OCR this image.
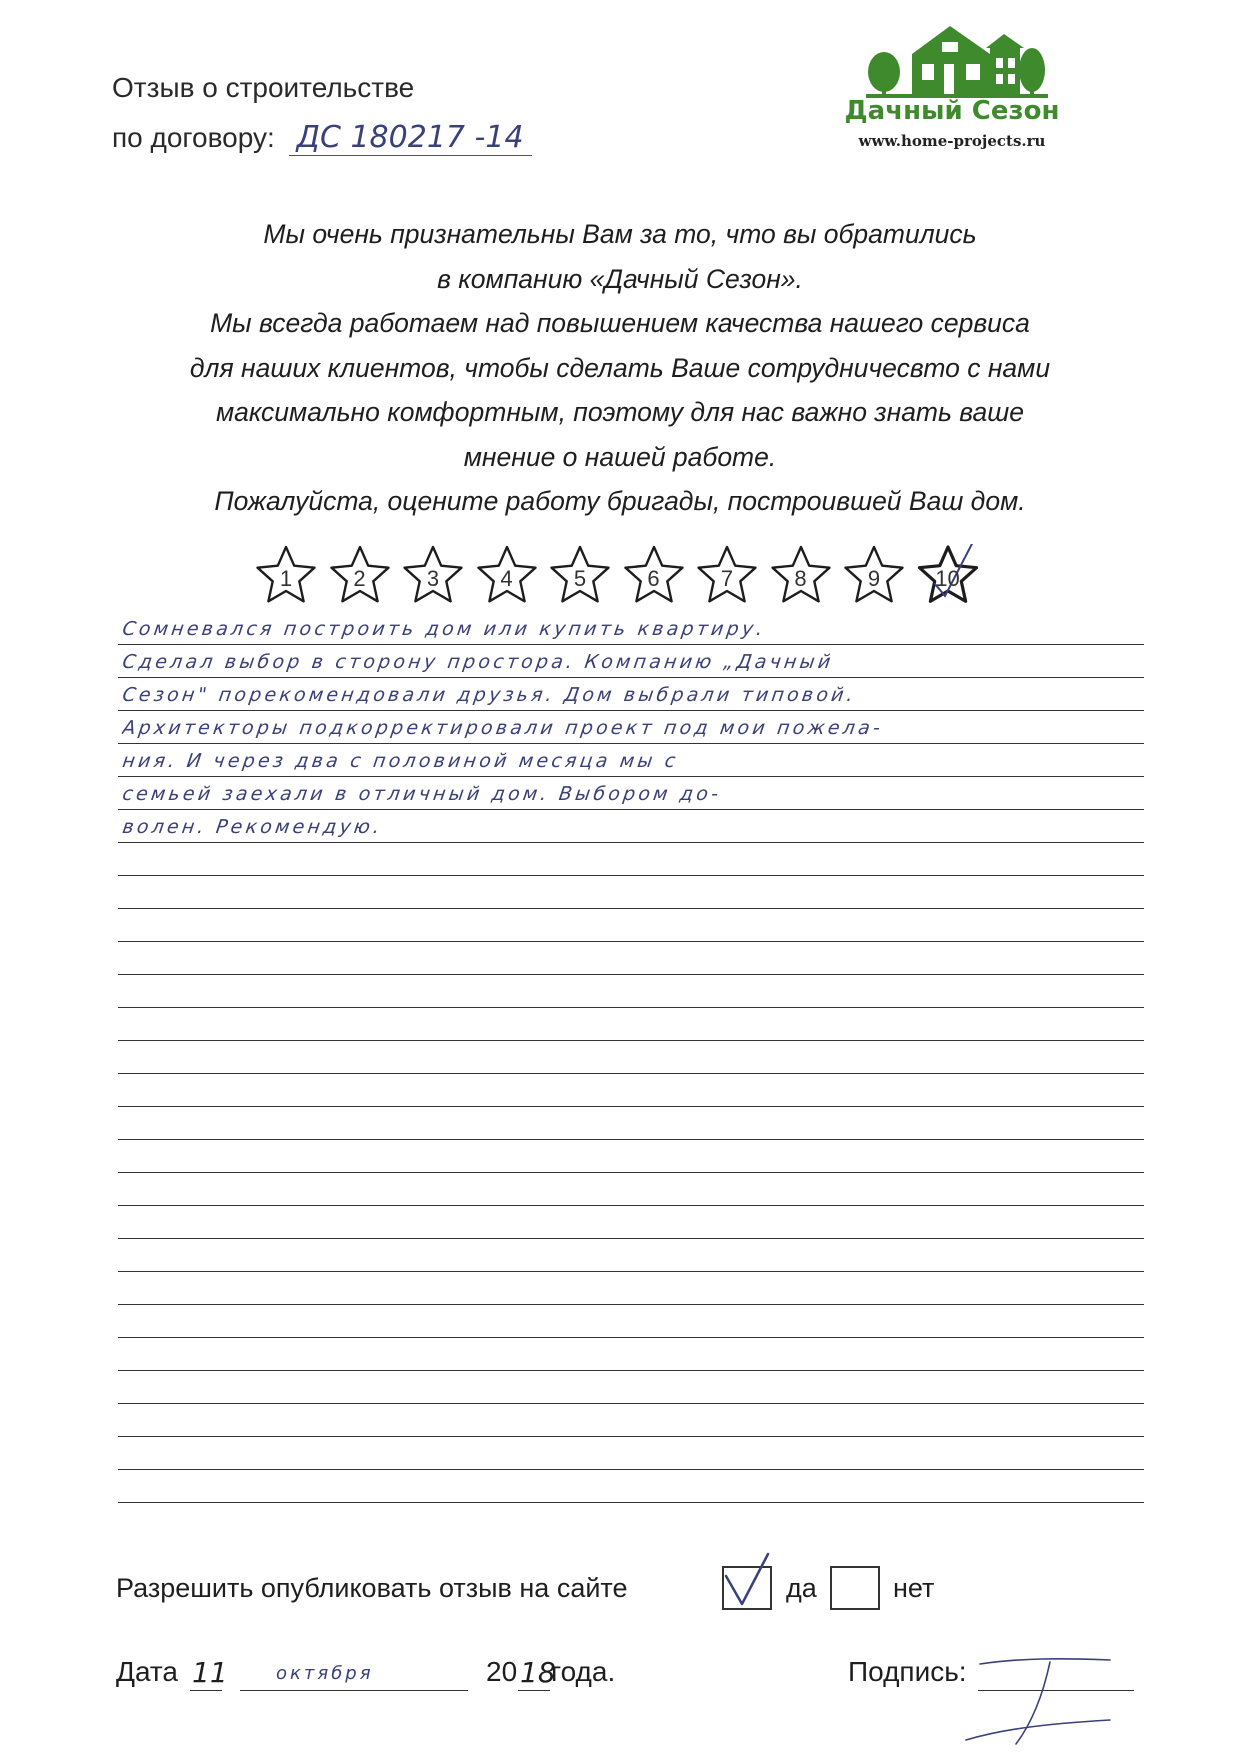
Отзыв о строительстве
по договору: ДС 180217 -14
Дачный Сезон
www.home-projects.ru
Мы очень признательны Вам за то, что вы обратились
в компанию «Дачный Сезон».
Мы всегда работаем над повышением качества нашего сервиса
для наших клиентов, чтобы сделать Ваше сотрудничесвто с нами
максимально комфортным, поэтому для нас важно знать ваше
мнение о нашей работе.
Пожалуйста, оцените работу бригады, построившей Ваш дом.
1	2	3	4	5	6	7	8	9	10
Сомневался построить дом или купить квартиру.
Сделал выбор в сторону простора. Компанию „Дачный
Сезон" порекомендовали друзья. Дом выбрали типовой.
Архитекторы подкорректировали проект под мои пожела-
ния. И через два с половиной месяца мы с
семьей заехали в отличный дом. Выбором до-
волен. Рекомендую.
Разрешить опубликовать отзыв на сайте	да	нет
Дата 11	октября	20 18
года.	Подпись:
